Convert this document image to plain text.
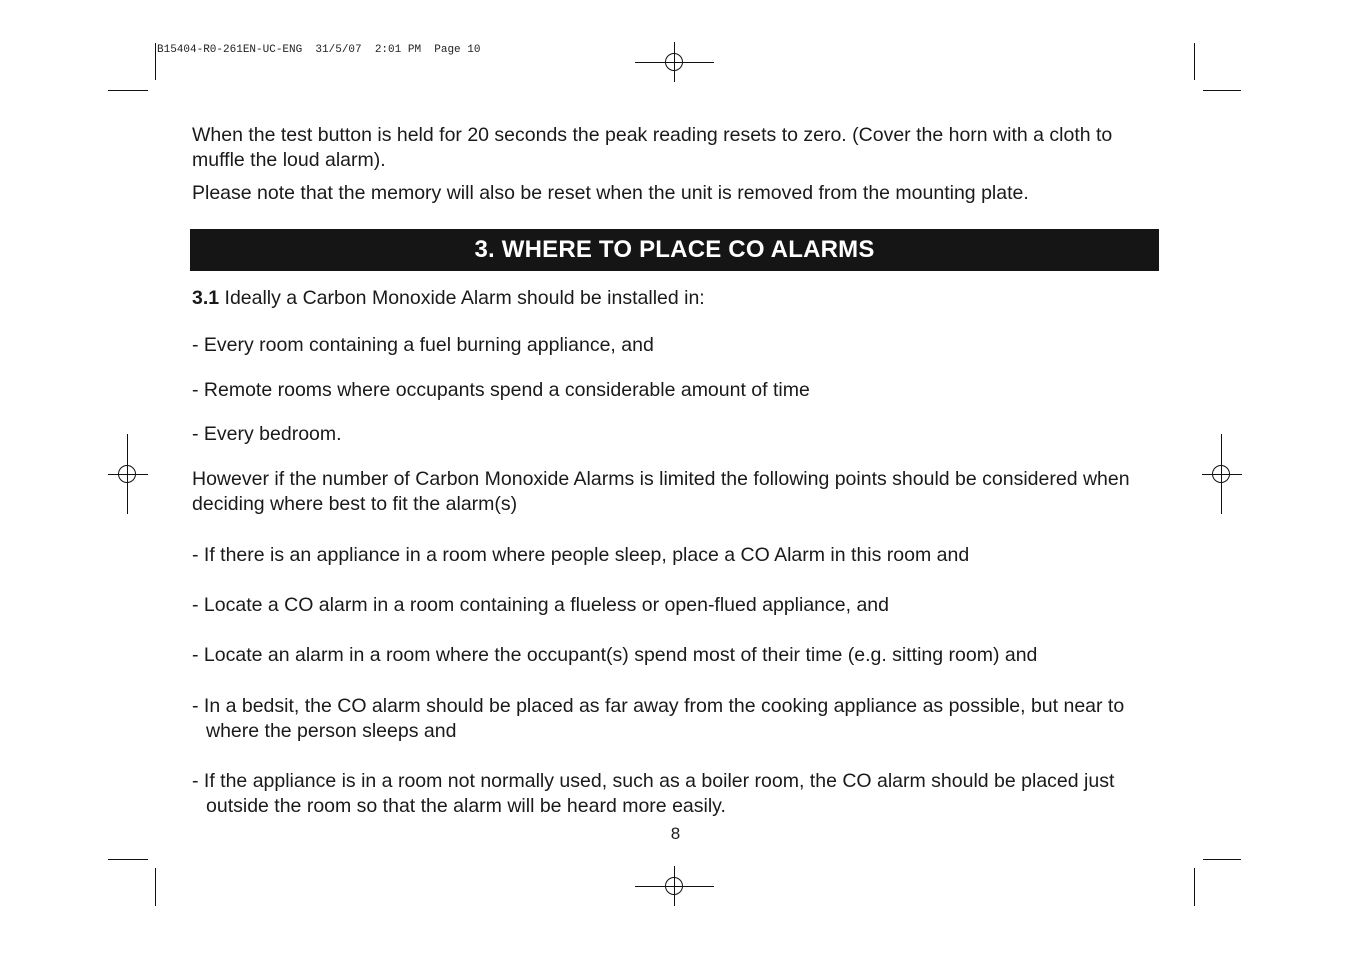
B15404-R0-261EN-UC-ENG  31/5/07  2:01 PM  Page 10
When the test button is held for 20 seconds the peak reading resets to zero. (Cover the horn with a cloth to muffle the loud alarm).
Please note that the memory will also be reset when the unit is removed from the mounting plate.
3.1 Ideally a Carbon Monoxide Alarm should be installed in:
- Every room containing a fuel burning appliance, and
- Remote rooms where occupants spend a considerable amount of time
- Every bedroom.
However if the number of Carbon Monoxide Alarms is limited the following points should be considered when deciding where best to fit the alarm(s)
- If there is an appliance in a room where people sleep, place a CO Alarm in this room and
- Locate a CO alarm in a room containing a flueless or open-flued appliance, and
- Locate an alarm in a room where the occupant(s) spend most of their time (e.g. sitting room) and
- In a bedsit, the CO alarm should be placed as far away from the cooking appliance as possible, but near to where the person sleeps and
- If the appliance is in a room not normally used, such as a boiler room, the CO alarm should be placed just outside the room so that the alarm will be heard more easily.
3. WHERE TO PLACE CO ALARMS
8
